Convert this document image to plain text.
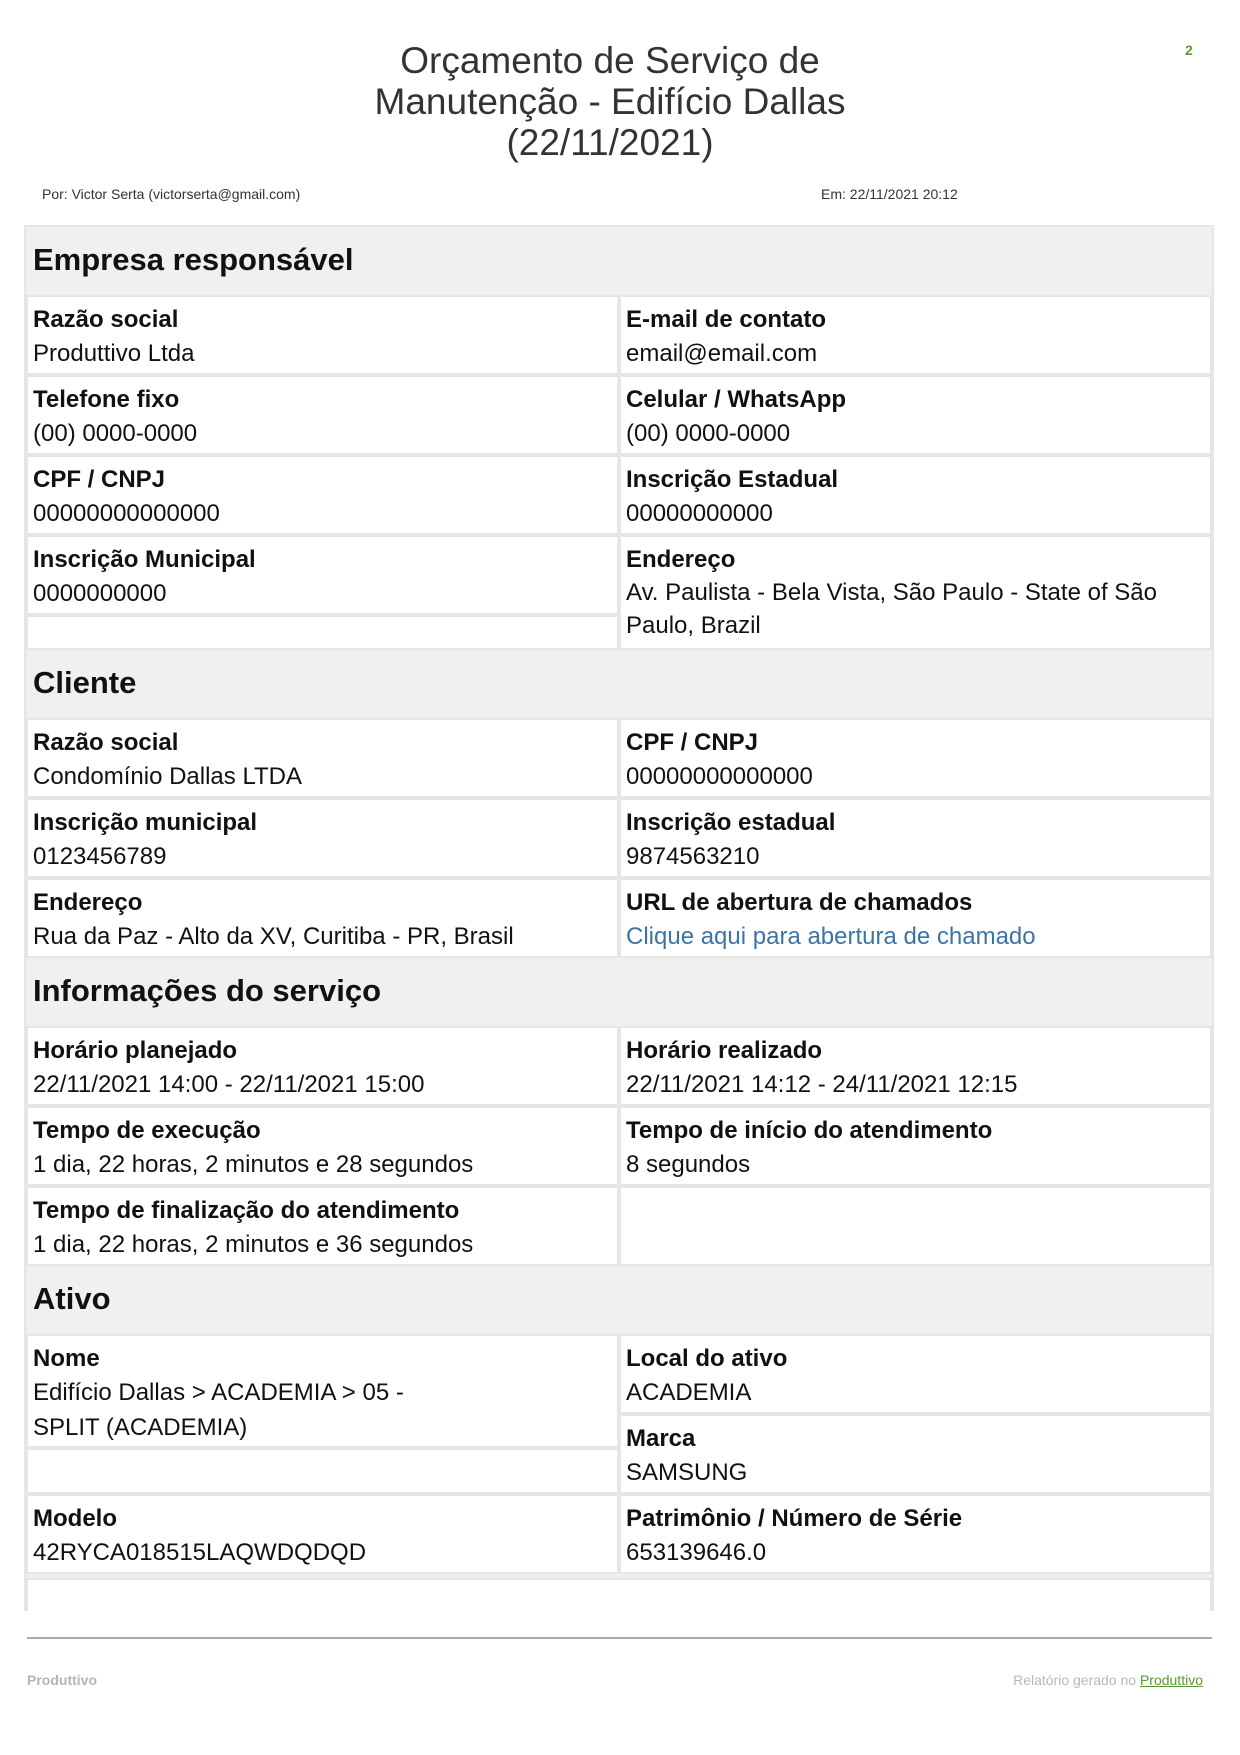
2
Orçamento de Serviço de
Manutenção - Edifício Dallas
(22/11/2021)
Por: Victor Serta (victorserta@gmail.com)	Em: 22/11/2021 20:12
Empresa responsável
Razão social
Produttivo Ltda
E-mail de contato
email@email.com
Telefone fixo
(00) 0000-0000
Celular / WhatsApp
(00) 0000-0000
CPF / CNPJ
00000000000000
Inscrição Estadual
00000000000
Inscrição Municipal
0000000000
Endereço
Av. Paulista - Bela Vista, São Paulo - State of São Paulo, Brazil
Cliente
Razão social
Condomínio Dallas LTDA
CPF / CNPJ
00000000000000
Inscrição municipal
0123456789
Inscrição estadual
9874563210
Endereço
Rua da Paz - Alto da XV, Curitiba - PR, Brasil
URL de abertura de chamados
Clique aqui para abertura de chamado
Informações do serviço
Horário planejado
22/11/2021 14:00 - 22/11/2021 15:00
Horário realizado
22/11/2021 14:12 - 24/11/2021 12:15
Tempo de execução
1 dia, 22 horas, 2 minutos e 28 segundos
Tempo de início do atendimento
8 segundos
Tempo de finalização do atendimento
1 dia, 22 horas, 2 minutos e 36 segundos
Ativo
Nome
Edifício Dallas > ACADEMIA > 05 - SPLIT (ACADEMIA)
Local do ativo
ACADEMIA
Marca
SAMSUNG
Modelo
42RYCA018515LAQWDQDQD
Patrimônio / Número de Série
653139646.0
Produttivo	Relatório gerado no Produttivo
